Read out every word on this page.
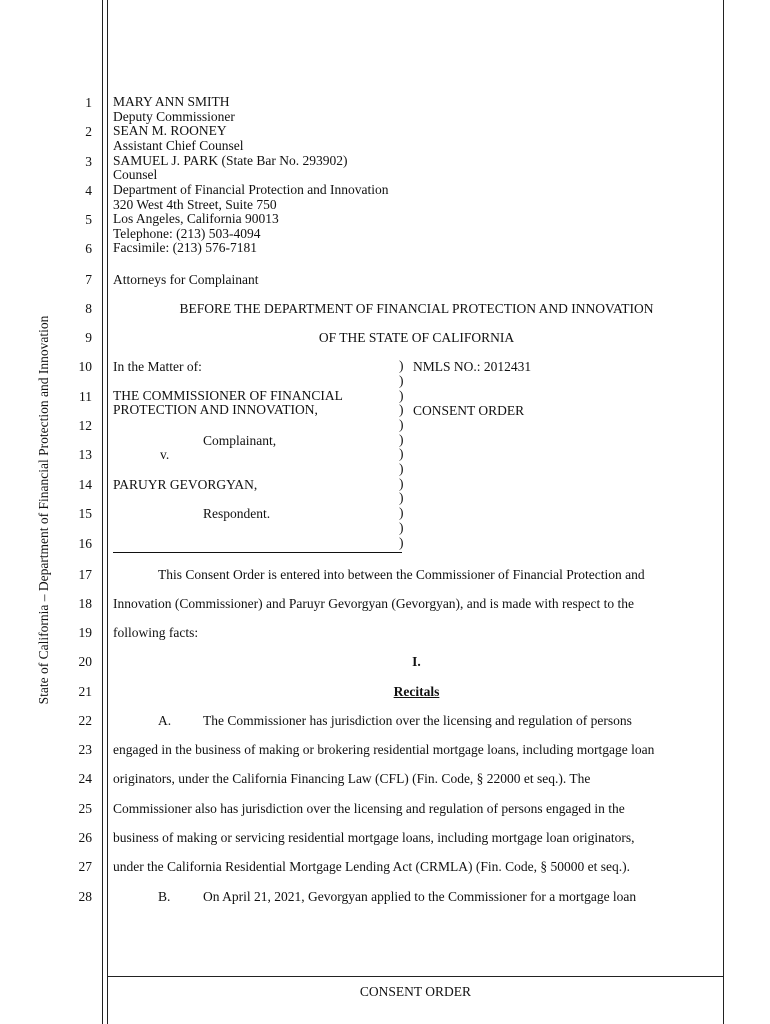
State of California – Department of Financial Protection and Innovation
1
2
3
4
5
6
7
8
9
10
11
12
13
14
15
16
17
18
19
20
21
22
23
24
25
26
27
28
MARY ANN SMITH
Deputy Commissioner
SEAN M. ROONEY
Assistant Chief Counsel
SAMUEL J. PARK (State Bar No. 293902)
Counsel
Department of Financial Protection and Innovation
320 West 4th Street, Suite 750
Los Angeles, California 90013
Telephone: (213) 503-4094
Facsimile: (213) 576-7181
Attorneys for Complainant
BEFORE THE DEPARTMENT OF FINANCIAL PROTECTION AND INNOVATION
OF THE STATE OF CALIFORNIA
In the Matter of:
THE COMMISSIONER OF FINANCIAL
PROTECTION AND INNOVATION,
Complainant,
v.
PARUYR GEVORGYAN,
Respondent.
)
)
)
)
)
)
)
)
)
)
)
)
)
NMLS NO.: 2012431
CONSENT ORDER
This Consent Order is entered into between the Commissioner of Financial Protection and
Innovation (Commissioner) and Paruyr Gevorgyan (Gevorgyan), and is made with respect to the
following facts:
I.
Recitals
A. The Commissioner has jurisdiction over the licensing and regulation of persons
engaged in the business of making or brokering residential mortgage loans, including mortgage loan
originators, under the California Financing Law (CFL) (Fin. Code, § 22000 et seq.). The
Commissioner also has jurisdiction over the licensing and regulation of persons engaged in the
business of making or servicing residential mortgage loans, including mortgage loan originators,
under the California Residential Mortgage Lending Act (CRMLA) (Fin. Code, § 50000 et seq.).
B. On April 21, 2021, Gevorgyan applied to the Commissioner for a mortgage loan
CONSENT ORDER
